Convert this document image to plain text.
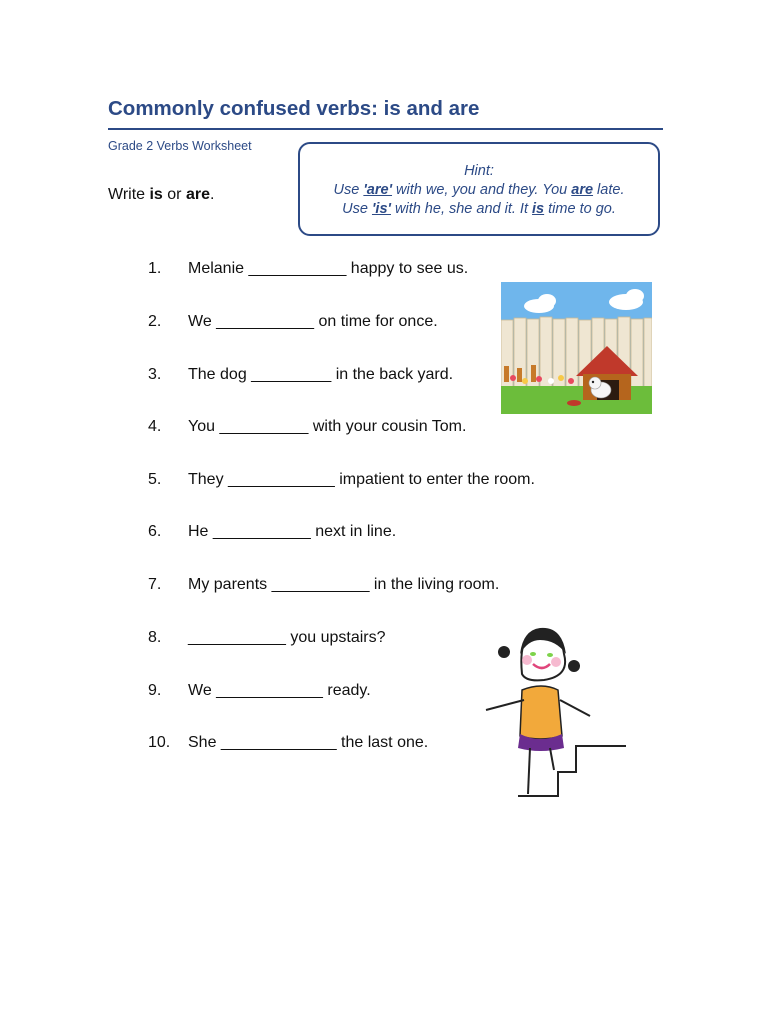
Commonly confused verbs: is and are
Grade 2 Verbs Worksheet
Hint:
Use 'are' with we, you and they. You are late.
Use 'is' with he, she and it. It is time to go.
Write is or are.
1. Melanie ___________ happy to see us.
2. We ___________ on time for once.
3. The dog _________ in the back yard.
4. You __________ with your cousin Tom.
5. They ____________ impatient to enter the room.
6. He ___________ next in line.
7. My parents ___________ in the living room.
8. ___________ you upstairs?
9. We ____________ ready.
10. She _____________ the last one.
